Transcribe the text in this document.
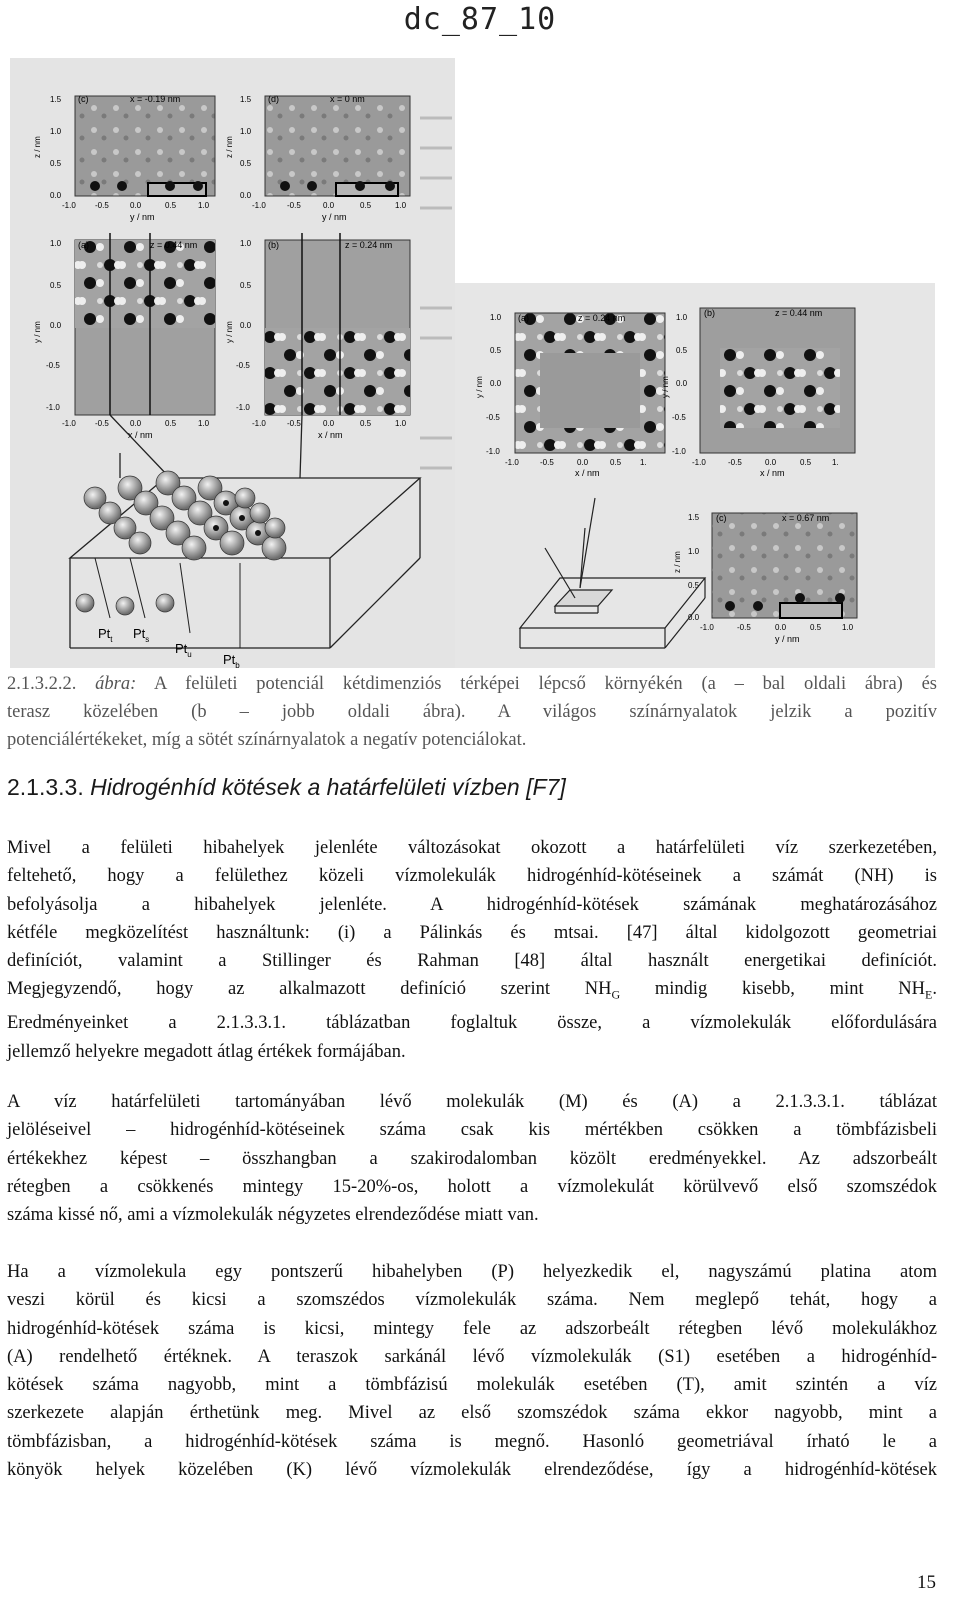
dc_87_10
1.5
1.0
0.5
0.0
(c)	x = -0.19 nm
-1.0 -0.5	0.0	0.5	1.0
y / nm
z / nm
1.5
1.0
0.5
0.0
(d)	x = 0 nm
-1.0	-0.5	0.0	0.5	1.0
y / nm
z / nm
1.0
0.5
0.0
-0.5
-1.0
(a)	z = 0.44 nm
-1.0 -0.5	0.0	0.5	1.0
x / nm
y / nm
1.0
0.5
0.0
-0.5
-1.0
(b)	z = 0.24 nm
-1.0	-0.5	0.0	0.5	1.0
x / nm
y / nm
$Pt_t$ $Pt_s$
$Pt_u$ $Pt_b$
1.0
0.5
0.0
-0.5
-1.0
(a)	z = 0.24 nm
-1.0	-0.5	0.0	0.5 1.
x / nm
y / nm
1.0
0.5
0.0
-0.5
-1.0
(b)	z = 0.44 nm
-1.0	-0.5	0.0	0.5	1.
x / nm
y / nm
1.5
1.0
0.5
0.0
(c)	x = 0.67 nm
-1.0	-0.5	0.0	0.5	1.0
y / nm
z / nm
2.1.3.2.2. ábra: A felületi potenciál kétdimenziós térképei lépcső környékén (a – bal oldali ábra) és
terasz közelében (b – jobb oldali ábra). A világos színárnyalatok jelzik a pozitív
potenciálértékeket, míg a sötét színárnyalatok a negatív potenciálokat.
2.1.3.3. Hidrogénhíd kötések a határfelületi vízben [F7]
Mivel a felületi hibahelyek jelenléte változásokat okozott a határfelületi víz szerkezetében,
feltehető, hogy a felülethez közeli vízmolekulák hidrogénhíd-kötéseinek a számát (NH) is
befolyásolja a hibahelyek jelenléte. A hidrogénhíd-kötések számának meghatározásához
kétféle megközelítést használtunk: (i) a Pálinkás és mtsai. [47] által kidolgozott geometriai
definíciót, valamint a Stillinger és Rahman [48] által használt energetikai definíciót.
Megjegyzendő, hogy az alkalmazott definíció szerint $NH_G$ mindig kisebb, mint $NH_E$.
Eredményeinket a 2.1.3.3.1. táblázatban foglaltuk össze, a vízmolekulák előfordulására
jellemző helyekre megadott átlag értékek formájában.
A víz határfelületi tartományában lévő molekulák (M) és (A) a 2.1.3.3.1. táblázat
jelöléseivel – hidrogénhíd-kötéseinek száma csak kis mértékben csökken a tömbfázisbeli
értékekhez képest – összhangban a szakirodalomban közölt eredményekkel. Az adszorbeált
rétegben a csökkenés mintegy 15-20%-os, holott a vízmolekulát körülvevő első szomszédok
száma kissé nő, ami a vízmolekulák négyzetes elrendeződése miatt van.
Ha a vízmolekula egy pontszerű hibahelyben (P) helyezkedik el, nagyszámú platina atom
veszi körül és kicsi a szomszédos vízmolekulák száma. Nem meglepő tehát, hogy a
hidrogénhíd-kötések száma is kicsi, mintegy fele az adszorbeált rétegben lévő molekulákhoz
(A) rendelhető értéknek. A teraszok sarkánál lévő vízmolekulák (S1) esetében a hidrogénhíd-
kötések száma nagyobb, mint a tömbfázisú molekulák esetében (T), amit szintén a víz
szerkezete alapján érthetünk meg. Mivel az első szomszédok száma ekkor nagyobb, mint a
tömbfázisban, a hidrogénhíd-kötések száma is megnő. Hasonló geometriával írható le a
könyök helyek közelében (K) lévő vízmolekulák elrendeződése, így a hidrogénhíd-kötések
15
